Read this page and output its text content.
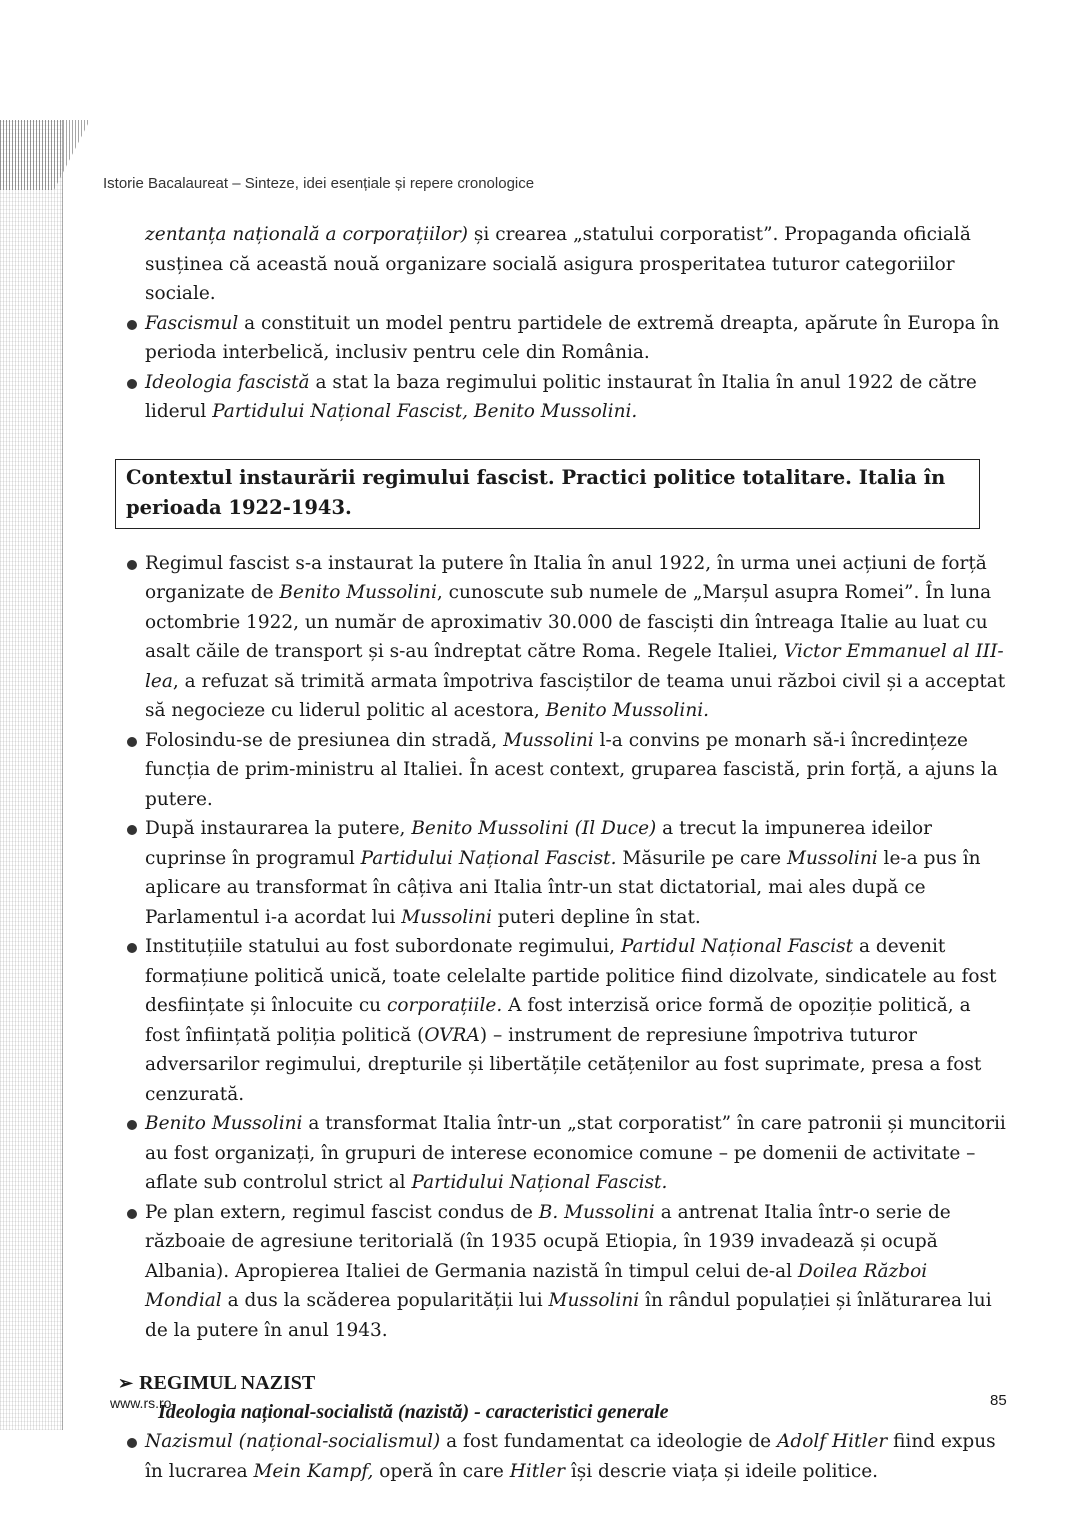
Istorie Bacalaureat – Sinteze, idei esențiale și repere cronologice

zentanța națională a corporațiilor) și crearea „statului corporatist”. Propaganda oficială susținea că această nouă organizare socială asigura prosperitatea tuturor categoriilor sociale.

Fascismul a constituit un model pentru partidele de extremă dreapta, apărute în Europa în perioda interbelică, inclusiv pentru cele din România.

Ideologia fascistă a stat la baza regimului politic instaurat în Italia în anul 1922 de către liderul Partidului Național Fascist, Benito Mussolini.

Contextul instaurării regimului fascist. Practici politice totalitare. Italia în perioada 1922-1943.

Regimul fascist s-a instaurat la putere în Italia în anul 1922, în urma unei acțiuni de forță organizate de Benito Mussolini, cunoscute sub numele de „Marșul asupra Romei”. În luna octombrie 1922, un număr de aproximativ 30.000 de fasciști din întreaga Italie au luat cu asalt căile de transport și s-au îndreptat către Roma. Regele Italiei, Victor Emmanuel al III-lea, a refuzat să trimită armata împotriva fasciștilor de teama unui război civil și a acceptat să negocieze cu liderul politic al acestora, Benito Mussolini.

Folosindu-se de presiunea din stradă, Mussolini l-a convins pe monarh să-i încredințeze funcția de prim-ministru al Italiei. În acest context, gruparea fascistă, prin forță, a ajuns la putere.

După instaurarea la putere, Benito Mussolini (Il Duce) a trecut la impunerea ideilor cuprinse în programul Partidului Național Fascist. Măsurile pe care Mussolini le-a pus în aplicare au transformat în câțiva ani Italia într-un stat dictatorial, mai ales după ce Parlamentul i-a acordat lui Mussolini puteri depline în stat.

Instituțiile statului au fost subordonate regimului, Partidul Național Fascist a devenit formațiune politică unică, toate celelalte partide politice fiind dizolvate, sindicatele au fost desființate și înlocuite cu corporațiile. A fost interzisă orice formă de opoziție politică, a fost înființată poliția politică (OVRA) – instrument de represiune împotriva tuturor adversarilor regimului, drepturile și libertățile cetățenilor au fost suprimate, presa a fost cenzurată.

Benito Mussolini a transformat Italia într-un „stat corporatist” în care patronii și muncitorii au fost organizați, în grupuri de interese economice comune – pe domenii de activitate – aflate sub controlul strict al Partidului Național Fascist.

Pe plan extern, regimul fascist condus de B. Mussolini a antrenat Italia într-o serie de războaie de agresiune teritorială (în 1935 ocupă Etiopia, în 1939 invadează și ocupă Albania). Apropierea Italiei de Germania nazistă în timpul celui de-al Doilea Război Mondial a dus la scăderea popularității lui Mussolini în rândul populației și înlăturarea lui de la putere în anul 1943.

➢ REGIMUL NAZIST
Ideologia național-socialistă (nazistă) - caracteristici generale

Nazismul (național-socialismul) a fost fundamentat ca ideologie de Adolf Hitler fiind expus în lucrarea Mein Kampf, operă în care Hitler își descrie viața și ideile politice.

www.rs.ro	85
